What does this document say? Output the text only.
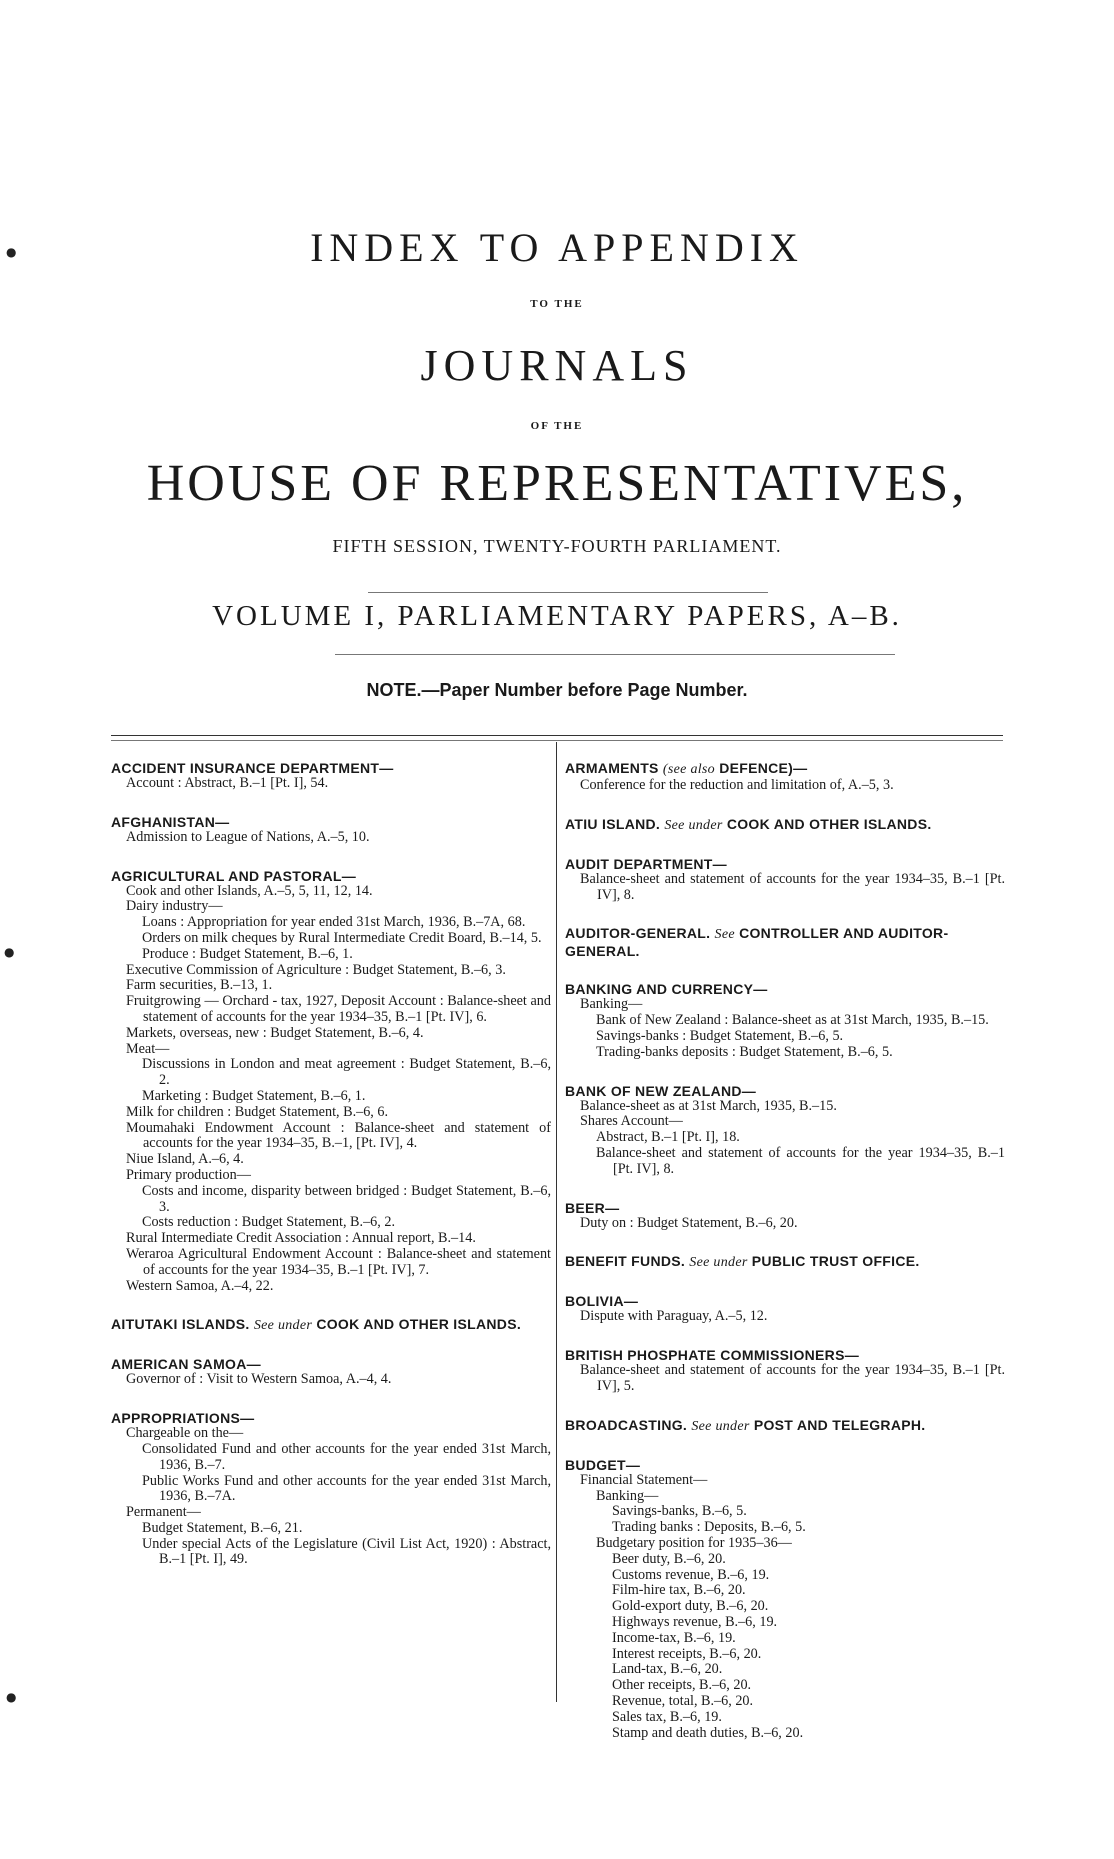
INDEX TO APPENDIX
TO THE
JOURNALS
OF THE
HOUSE OF REPRESENTATIVES,
FIFTH SESSION, TWENTY-FOURTH PARLIAMENT.
VOLUME I, PARLIAMENTARY PAPERS, A–B.
NOTE.—Paper Number before Page Number.
ACCIDENT INSURANCE DEPARTMENT—
Account : Abstract, B.–1 [Pt. I], 54.
AFGHANISTAN—
Admission to League of Nations, A.–5, 10.
AGRICULTURAL AND PASTORAL—
Cook and other Islands, A.–5, 5, 11, 12, 14.
Dairy industry—
Loans : Appropriation for year ended 31st March, 1936, B.–7A, 68.
Orders on milk cheques by Rural Intermediate Credit Board, B.–14, 5.
Produce : Budget Statement, B.–6, 1.
Executive Commission of Agriculture : Budget Statement, B.–6, 3.
Farm securities, B.–13, 1.
Fruitgrowing — Orchard - tax, 1927, Deposit Account : Balance-sheet and statement of accounts for the year 1934–35, B.–1 [Pt. IV], 6.
Markets, overseas, new : Budget Statement, B.–6, 4.
Meat—
Discussions in London and meat agreement : Budget Statement, B.–6, 2.
Marketing : Budget Statement, B.–6, 1.
Milk for children : Budget Statement, B.–6, 6.
Moumahaki Endowment Account : Balance-sheet and statement of accounts for the year 1934–35, B.–1, [Pt. IV], 4.
Niue Island, A.–6, 4.
Primary production—
Costs and income, disparity between bridged : Budget Statement, B.–6, 3.
Costs reduction : Budget Statement, B.–6, 2.
Rural Intermediate Credit Association : Annual report, B.–14.
Weraroa Agricultural Endowment Account : Balance-sheet and statement of accounts for the year 1934–35, B.–1 [Pt. IV], 7.
Western Samoa, A.–4, 22.
AITUTAKI ISLANDS. See under COOK AND OTHER ISLANDS.
AMERICAN SAMOA—
Governor of : Visit to Western Samoa, A.–4, 4.
APPROPRIATIONS—
Chargeable on the—
Consolidated Fund and other accounts for the year ended 31st March, 1936, B.–7.
Public Works Fund and other accounts for the year ended 31st March, 1936, B.–7A.
Permanent—
Budget Statement, B.–6, 21.
Under special Acts of the Legislature (Civil List Act, 1920) : Abstract, B.–1 [Pt. I], 49.
ARMAMENTS (see also DEFENCE)—
Conference for the reduction and limitation of, A.–5, 3.
ATIU ISLAND. See under COOK AND OTHER ISLANDS.
AUDIT DEPARTMENT—
Balance-sheet and statement of accounts for the year 1934–35, B.–1 [Pt. IV], 8.
AUDITOR-GENERAL. See CONTROLLER AND AUDITOR-GENERAL.
BANKING AND CURRENCY—
Banking—
Bank of New Zealand : Balance-sheet as at 31st March, 1935, B.–15.
Savings-banks : Budget Statement, B.–6, 5.
Trading-banks deposits : Budget Statement, B.–6, 5.
BANK OF NEW ZEALAND—
Balance-sheet as at 31st March, 1935, B.–15.
Shares Account—
Abstract, B.–1 [Pt. I], 18.
Balance-sheet and statement of accounts for the year 1934–35, B.–1 [Pt. IV], 8.
BEER—
Duty on : Budget Statement, B.–6, 20.
BENEFIT FUNDS. See under PUBLIC TRUST OFFICE.
BOLIVIA—
Dispute with Paraguay, A.–5, 12.
BRITISH PHOSPHATE COMMISSIONERS—
Balance-sheet and statement of accounts for the year 1934–35, B.–1 [Pt. IV], 5.
BROADCASTING. See under POST AND TELEGRAPH.
BUDGET—
Financial Statement—
Banking—
Savings-banks, B.–6, 5.
Trading banks : Deposits, B.–6, 5.
Budgetary position for 1935–36—
Beer duty, B.–6, 20.
Customs revenue, B.–6, 19.
Film-hire tax, B.–6, 20.
Gold-export duty, B.–6, 20.
Highways revenue, B.–6, 19.
Income-tax, B.–6, 19.
Interest receipts, B.–6, 20.
Land-tax, B.–6, 20.
Other receipts, B.–6, 20.
Revenue, total, B.–6, 20.
Sales tax, B.–6, 19.
Stamp and death duties, B.–6, 20.
●
●
●
